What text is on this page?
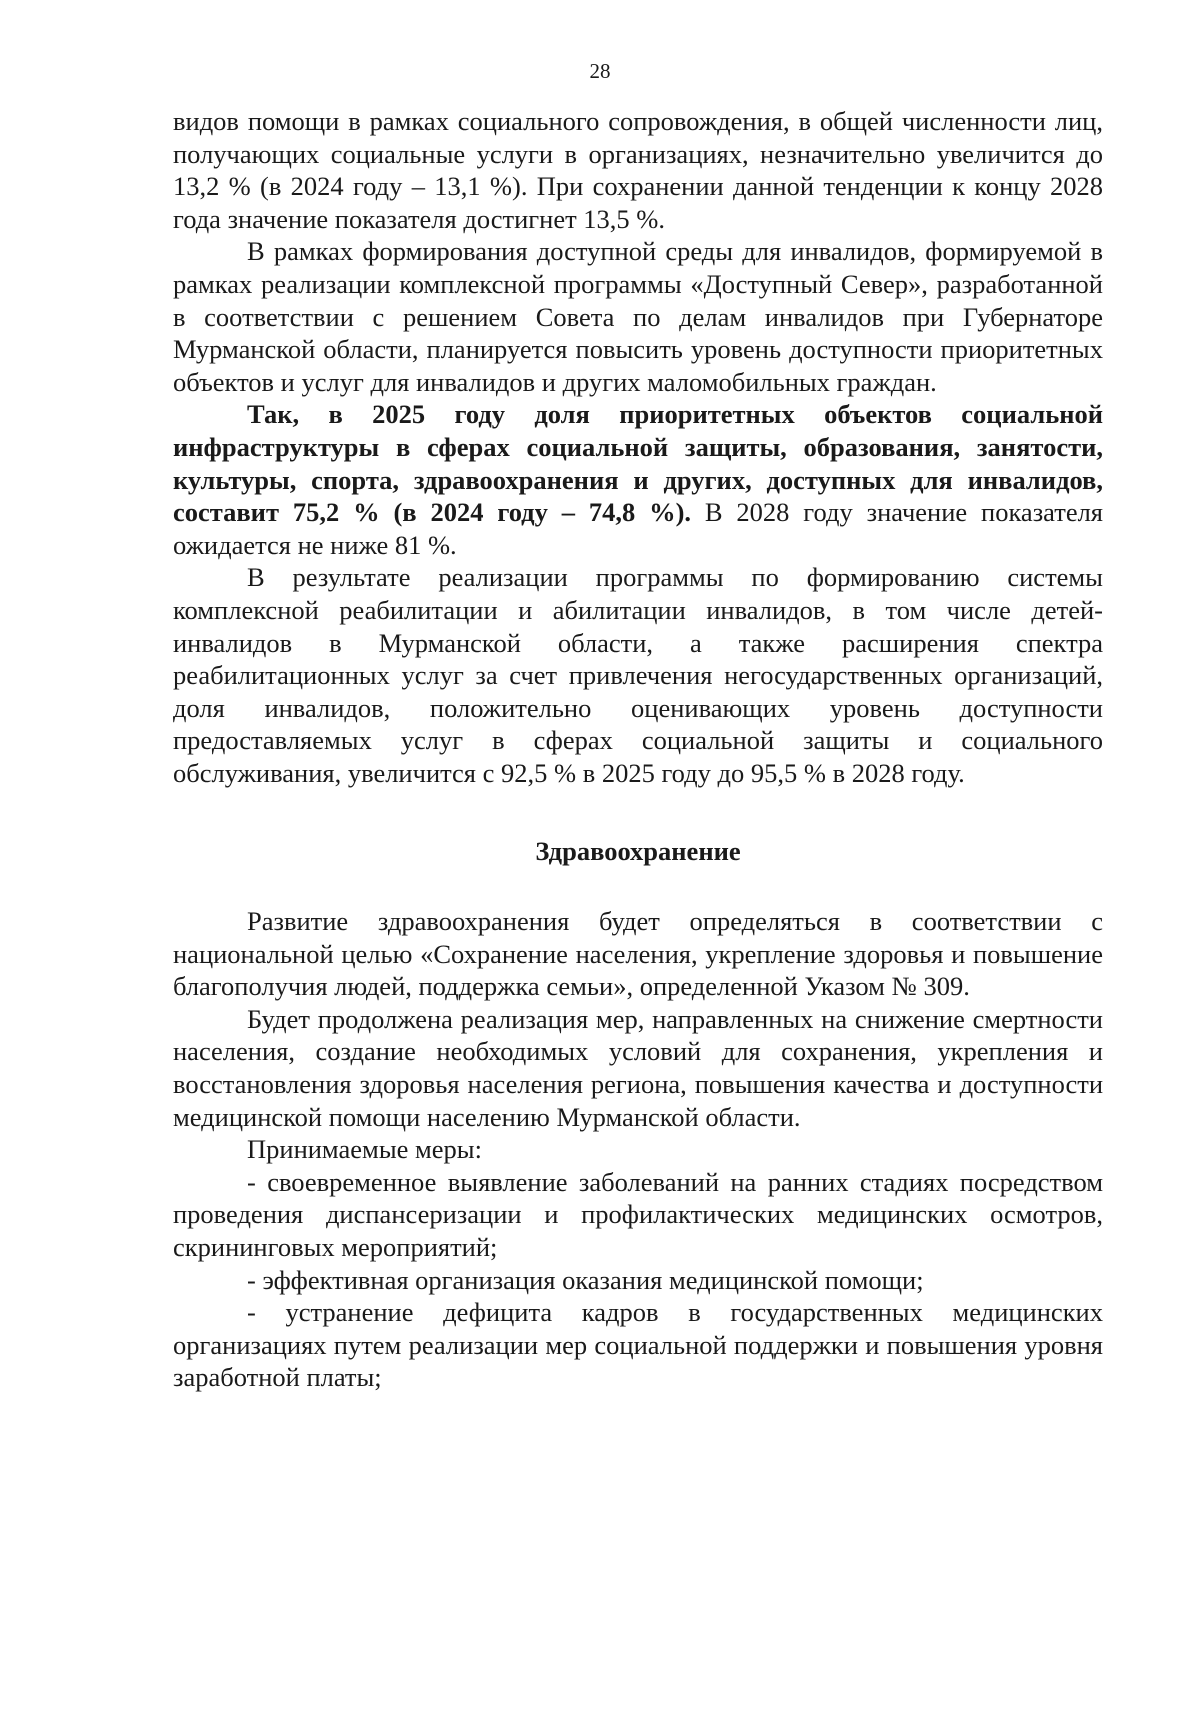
28

видов помощи в рамках социального сопровождения, в общей численности лиц, получающих социальные услуги в организациях, незначительно увеличится до 13,2 % (в 2024 году – 13,1 %). При сохранении данной тенденции к концу 2028 года значение показателя достигнет 13,5 %.

В рамках формирования доступной среды для инвалидов, формируемой в рамках реализации комплексной программы «Доступный Север», разработанной в соответствии с решением Совета по делам инвалидов при Губернаторе Мурманской области, планируется повысить уровень доступности приоритетных объектов и услуг для инвалидов и других маломобильных граждан.

Так, в 2025 году доля приоритетных объектов социальной инфраструктуры в сферах социальной защиты, образования, занятости, культуры, спорта, здравоохранения и других, доступных для инвалидов, составит 75,2 % (в 2024 году – 74,8 %). В 2028 году значение показателя ожидается не ниже 81 %.

В результате реализации программы по формированию системы комплексной реабилитации и абилитации инвалидов, в том числе детей-инвалидов в Мурманской области, а также расширения спектра реабилитационных услуг за счет привлечения негосударственных организаций, доля инвалидов, положительно оценивающих уровень доступности предоставляемых услуг в сферах социальной защиты и социального обслуживания, увеличится с 92,5 % в 2025 году до 95,5 % в 2028 году.

Здравоохранение

Развитие здравоохранения будет определяться в соответствии с национальной целью «Сохранение населения, укрепление здоровья и повышение благополучия людей, поддержка семьи», определенной Указом № 309.

Будет продолжена реализация мер, направленных на снижение смертности населения, создание необходимых условий для сохранения, укрепления и восстановления здоровья населения региона, повышения качества и доступности медицинской помощи населению Мурманской области.

Принимаемые меры:

- своевременное выявление заболеваний на ранних стадиях посредством проведения диспансеризации и профилактических медицинских осмотров, скрининговых мероприятий;

- эффективная организация оказания медицинской помощи;

- устранение дефицита кадров в государственных медицинских организациях путем реализации мер социальной поддержки и повышения уровня заработной платы;
